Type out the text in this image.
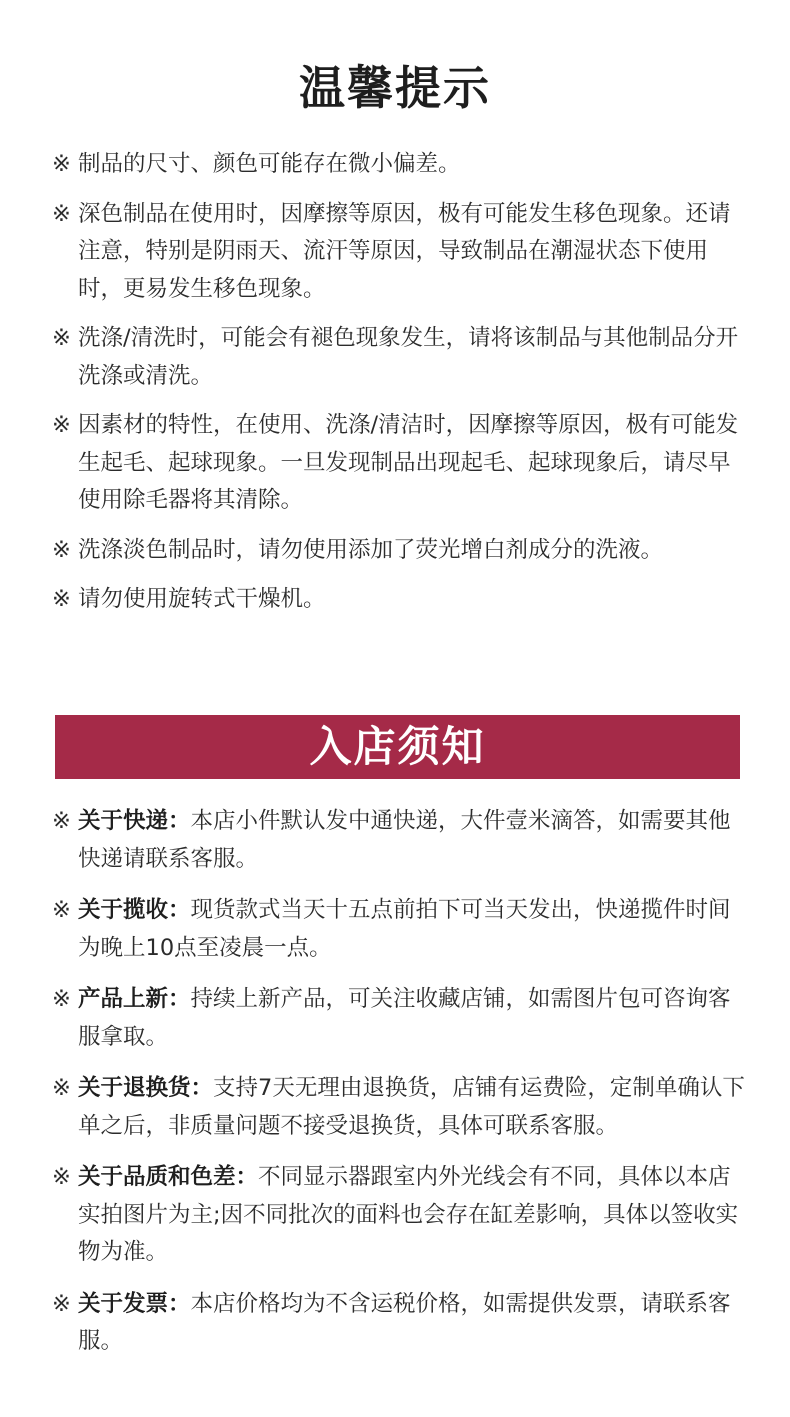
温馨提示
※ 制品的尺寸、颜色可能存在微小偏差。
※ 深色制品在使用时，因摩擦等原因，极有可能发生移色现象。还请注意，特别是阴雨天、流汗等原因，导致制品在潮湿状态下使用时，更易发生移色现象。
※ 洗涤/清洗时，可能会有褪色现象发生，请将该制品与其他制品分开洗涤或清洗。
※ 因素材的特性，在使用、洗涤/清洁时，因摩擦等原因，极有可能发生起毛、起球现象。一旦发现制品出现起毛、起球现象后，请尽早使用除毛器将其清除。
※ 洗涤淡色制品时，请勿使用添加了荧光增白剂成分的洗液。
※ 请勿使用旋转式干燥机。
入店须知
※ 关于快递：本店小件默认发中通快递，大件壹米滴答，如需要其他快递请联系客服。
※ 关于揽收：现货款式当天十五点前拍下可当天发出，快递揽件时间为晚上10点至凌晨一点。
※ 产品上新：持续上新产品，可关注收藏店铺，如需图片包可咨询客服拿取。
※ 关于退换货：支持7天无理由退换货，店铺有运费险，定制单确认下单之后，非质量问题不接受退换货，具体可联系客服。
※ 关于品质和色差：不同显示器跟室内外光线会有不同，具体以本店实拍图片为主;因不同批次的面料也会存在缸差影响，具体以签收实物为准。
※ 关于发票：本店价格均为不含运税价格，如需提供发票，请联系客服。
